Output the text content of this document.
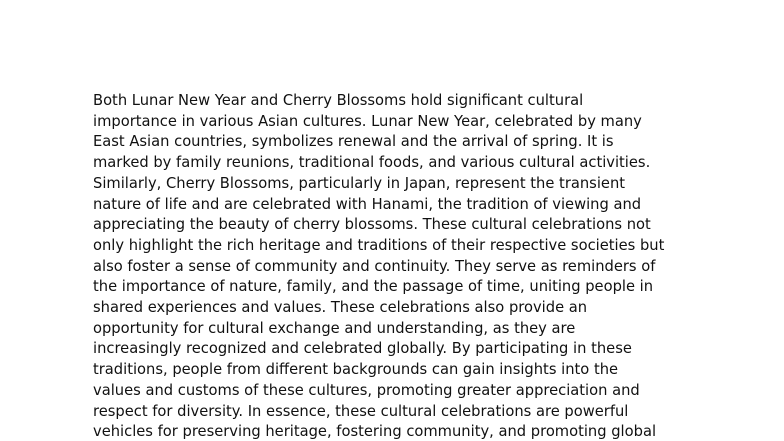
Both Lunar New Year and Cherry Blossoms hold significant cultural
importance in various Asian cultures. Lunar New Year, celebrated by many
East Asian countries, symbolizes renewal and the arrival of spring. It is
marked by family reunions, traditional foods, and various cultural activities.
Similarly, Cherry Blossoms, particularly in Japan, represent the transient
nature of life and are celebrated with Hanami, the tradition of viewing and
appreciating the beauty of cherry blossoms. These cultural celebrations not
only highlight the rich heritage and traditions of their respective societies but
also foster a sense of community and continuity. They serve as reminders of
the importance of nature, family, and the passage of time, uniting people in
shared experiences and values. These celebrations also provide an
opportunity for cultural exchange and understanding, as they are
increasingly recognized and celebrated globally. By participating in these
traditions, people from different backgrounds can gain insights into the
values and customs of these cultures, promoting greater appreciation and
respect for diversity. In essence, these cultural celebrations are powerful
vehicles for preserving heritage, fostering community, and promoting global
